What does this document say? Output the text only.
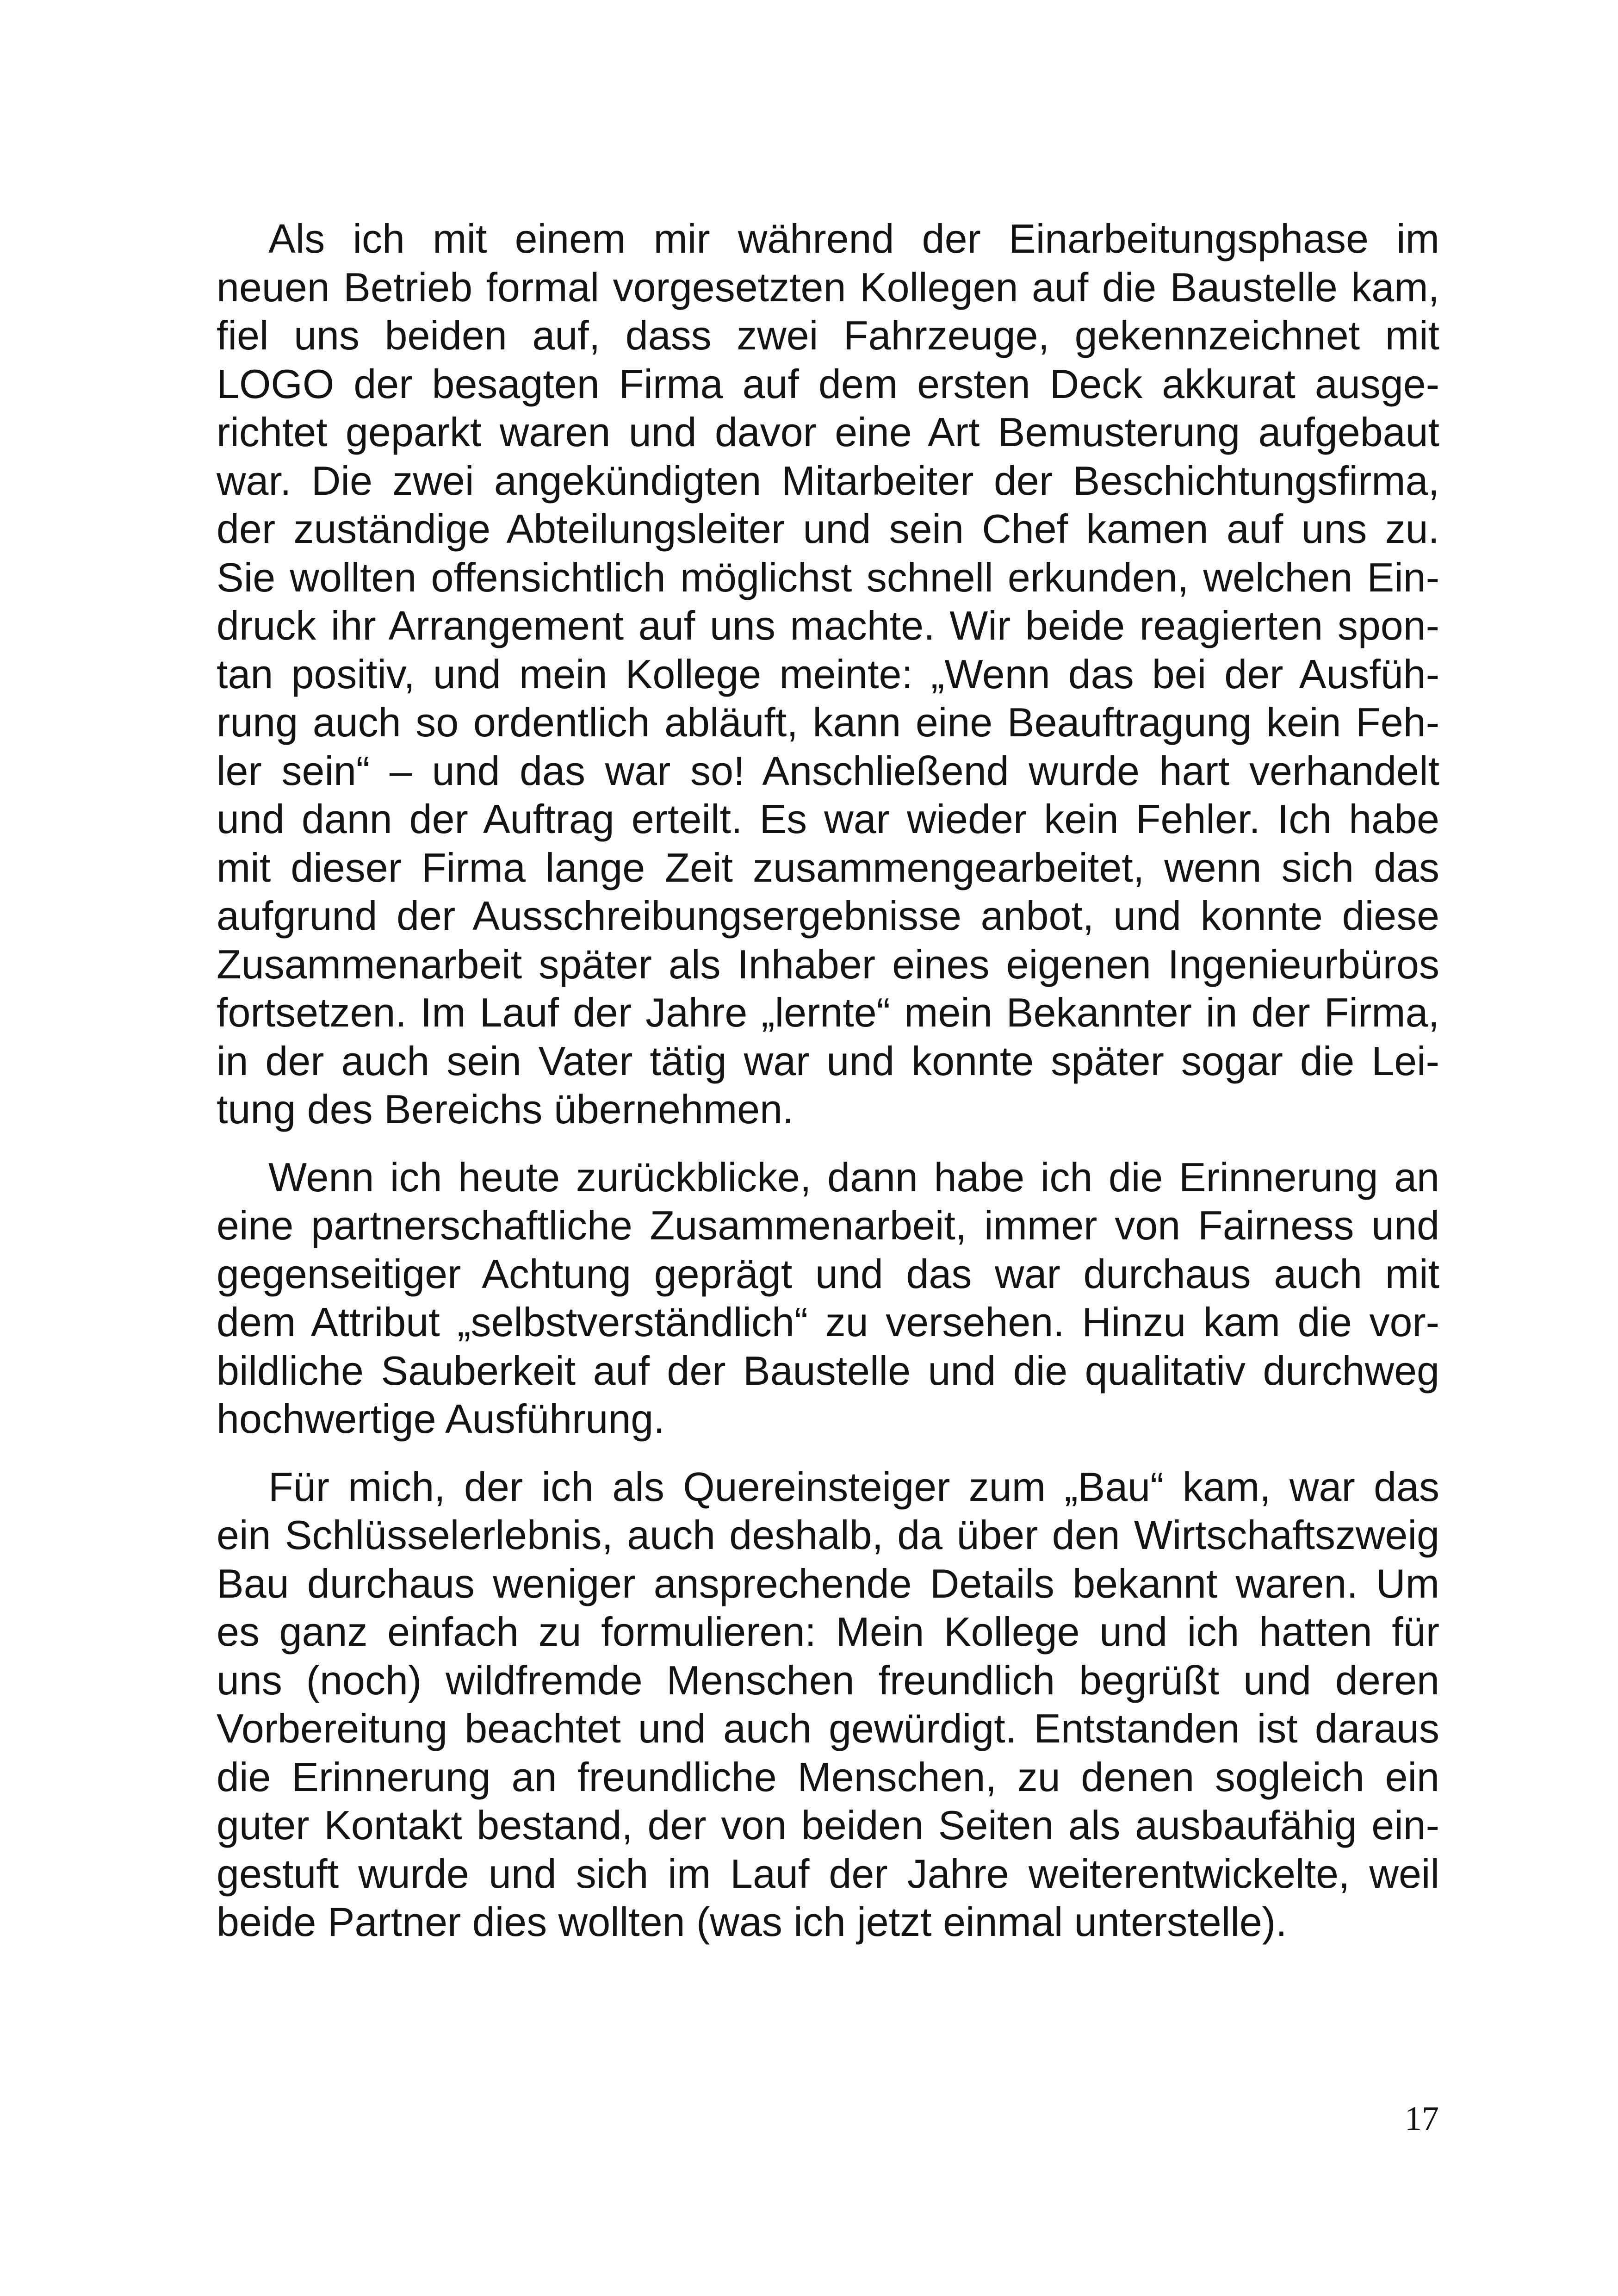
Als ich mit einem mir während der Einarbeitungsphase im
neuen Betrieb formal vorgesetzten Kollegen auf die Baustelle kam,
fiel uns beiden auf, dass zwei Fahrzeuge, gekennzeichnet mit
LOGO der besagten Firma auf dem ersten Deck akkurat ausge-
richtet geparkt waren und davor eine Art Bemusterung aufgebaut
war. Die zwei angekündigten Mitarbeiter der Beschichtungsfirma,
der zuständige Abteilungsleiter und sein Chef kamen auf uns zu.
Sie wollten offensichtlich möglichst schnell erkunden, welchen Ein-
druck ihr Arrangement auf uns machte. Wir beide reagierten spon-
tan positiv, und mein Kollege meinte: „Wenn das bei der Ausfüh-
rung auch so ordentlich abläuft, kann eine Beauftragung kein Feh-
ler sein“ – und das war so! Anschließend wurde hart verhandelt
und dann der Auftrag erteilt. Es war wieder kein Fehler. Ich habe
mit dieser Firma lange Zeit zusammengearbeitet, wenn sich das
aufgrund der Ausschreibungsergebnisse anbot, und konnte diese
Zusammenarbeit später als Inhaber eines eigenen Ingenieurbüros
fortsetzen. Im Lauf der Jahre „lernte“ mein Bekannter in der Firma,
in der auch sein Vater tätig war und konnte später sogar die Lei-
tung des Bereichs übernehmen.
Wenn ich heute zurückblicke, dann habe ich die Erinnerung an
eine partnerschaftliche Zusammenarbeit, immer von Fairness und
gegenseitiger Achtung geprägt und das war durchaus auch mit
dem Attribut „selbstverständlich“ zu versehen. Hinzu kam die vor-
bildliche Sauberkeit auf der Baustelle und die qualitativ durchweg
hochwertige Ausführung.
Für mich, der ich als Quereinsteiger zum „Bau“ kam, war das
ein Schlüsselerlebnis, auch deshalb, da über den Wirtschaftszweig
Bau durchaus weniger ansprechende Details bekannt waren. Um
es ganz einfach zu formulieren: Mein Kollege und ich hatten für
uns (noch) wildfremde Menschen freundlich begrüßt und deren
Vorbereitung beachtet und auch gewürdigt. Entstanden ist daraus
die Erinnerung an freundliche Menschen, zu denen sogleich ein
guter Kontakt bestand, der von beiden Seiten als ausbaufähig ein-
gestuft wurde und sich im Lauf der Jahre weiterentwickelte, weil
beide Partner dies wollten (was ich jetzt einmal unterstelle).
17
